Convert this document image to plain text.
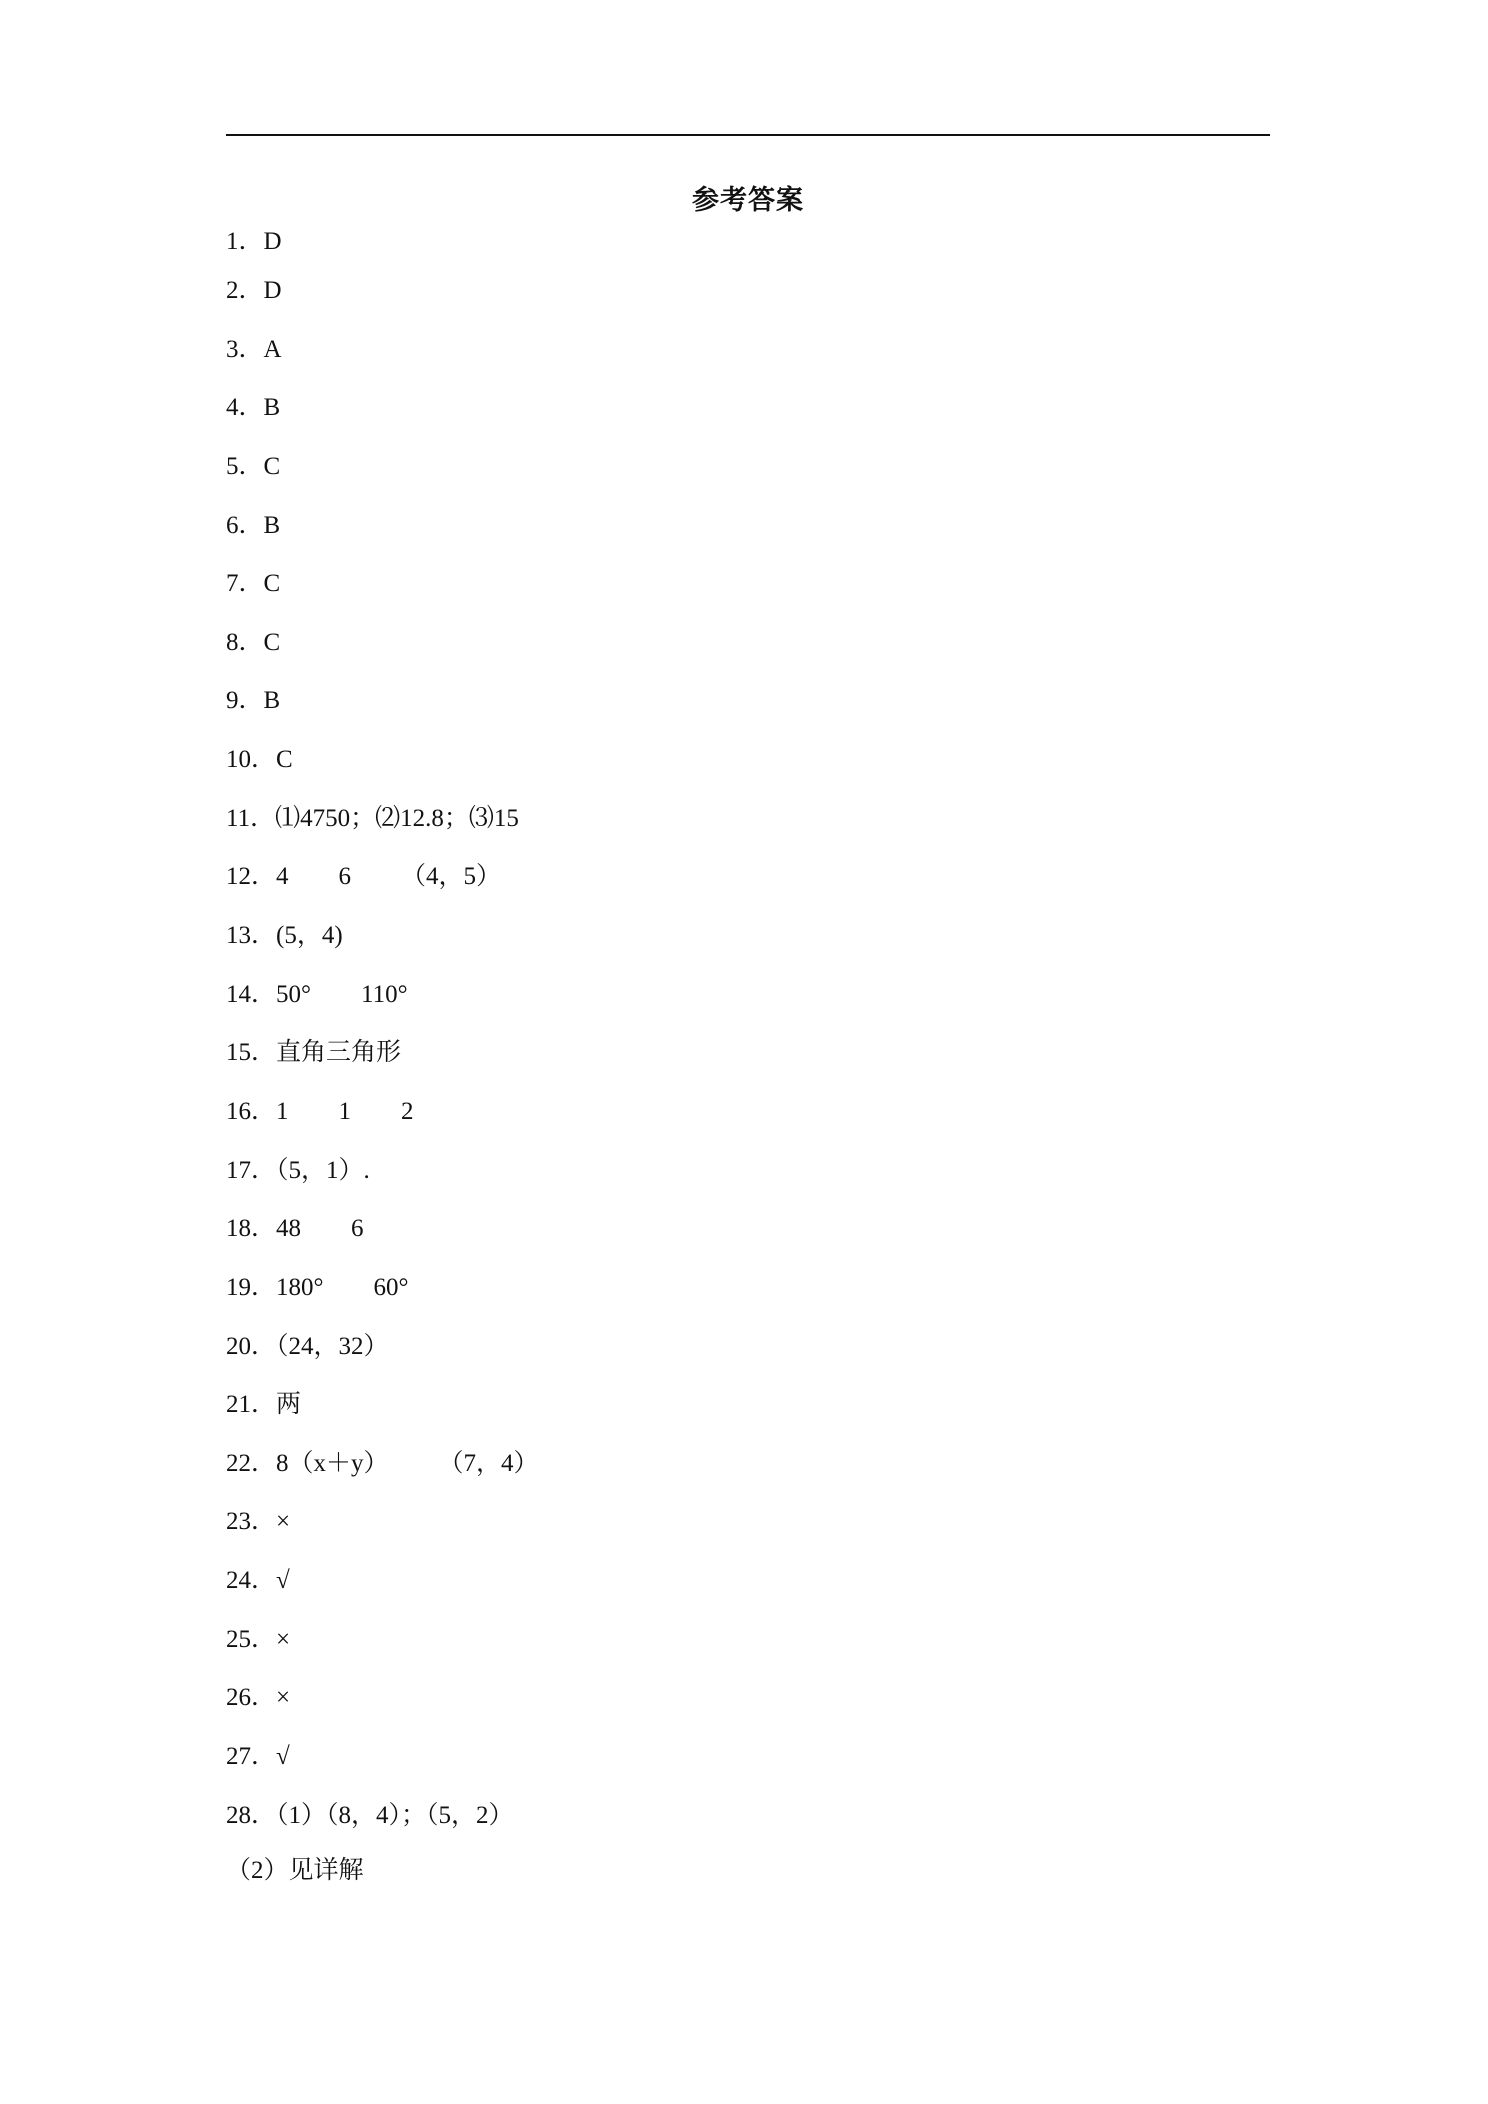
参考答案
1．D
2．D
3．A
4．B
5．C
6．B
7．C
8．C
9．B
10．C
11．⑴4750；⑵12.8；⑶15
12．4        6        （4，5）
13．(5，4)
14．50°        110°
15．直角三角形
16．1        1        2
17．（5，1）.
18．48        6
19．180°        60°
20．（24，32）
21．两
22．8（x＋y）        （7，4）
23．×
24．√
25．×
26．×
27．√
28．（1）（8，4）；（5，2）
（2）见详解
